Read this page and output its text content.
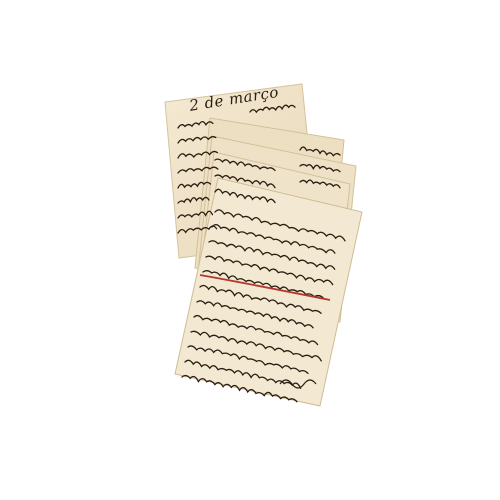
2 de março
